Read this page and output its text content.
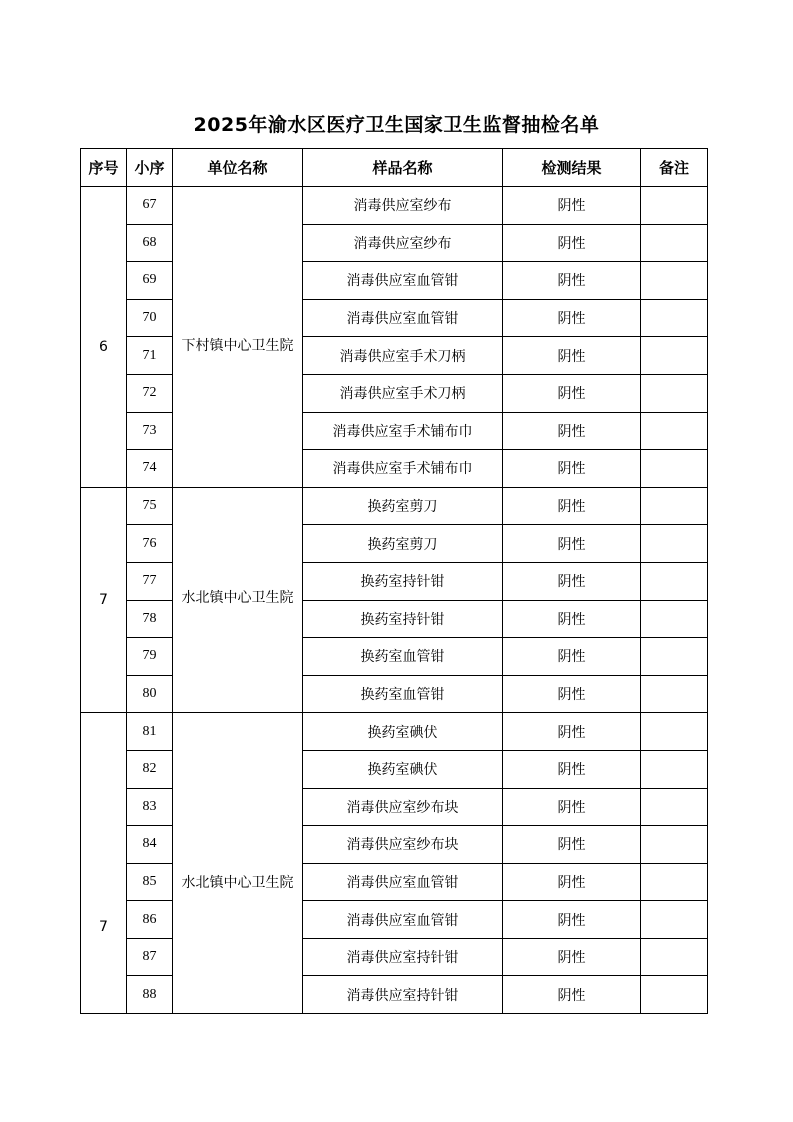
2025年渝水区医疗卫生国家卫生监督抽检名单
序号	小序	单位名称	样品名称	检测结果	备注
6	67	下村镇中心卫生院	消毒供应室纱布	阴性	
	68		消毒供应室纱布	阴性	
	69		消毒供应室血管钳	阴性	
	70		消毒供应室血管钳	阴性	
	71		消毒供应室手术刀柄	阴性	
	72		消毒供应室手术刀柄	阴性	
	73		消毒供应室手术铺布巾	阴性	
	74		消毒供应室手术铺布巾	阴性	
7	75	水北镇中心卫生院	换药室剪刀	阴性	
	76		换药室剪刀	阴性	
	77		换药室持针钳	阴性	
	78		换药室持针钳	阴性	
	79		换药室血管钳	阴性	
	80		换药室血管钳	阴性	
7	81	水北镇中心卫生院	换药室碘伏	阴性	
	82		换药室碘伏	阴性	
	83		消毒供应室纱布块	阴性	
	84		消毒供应室纱布块	阴性	
	85		消毒供应室血管钳	阴性	
	86		消毒供应室血管钳	阴性	
	87		消毒供应室持针钳	阴性	
	88		消毒供应室持针钳	阴性	
